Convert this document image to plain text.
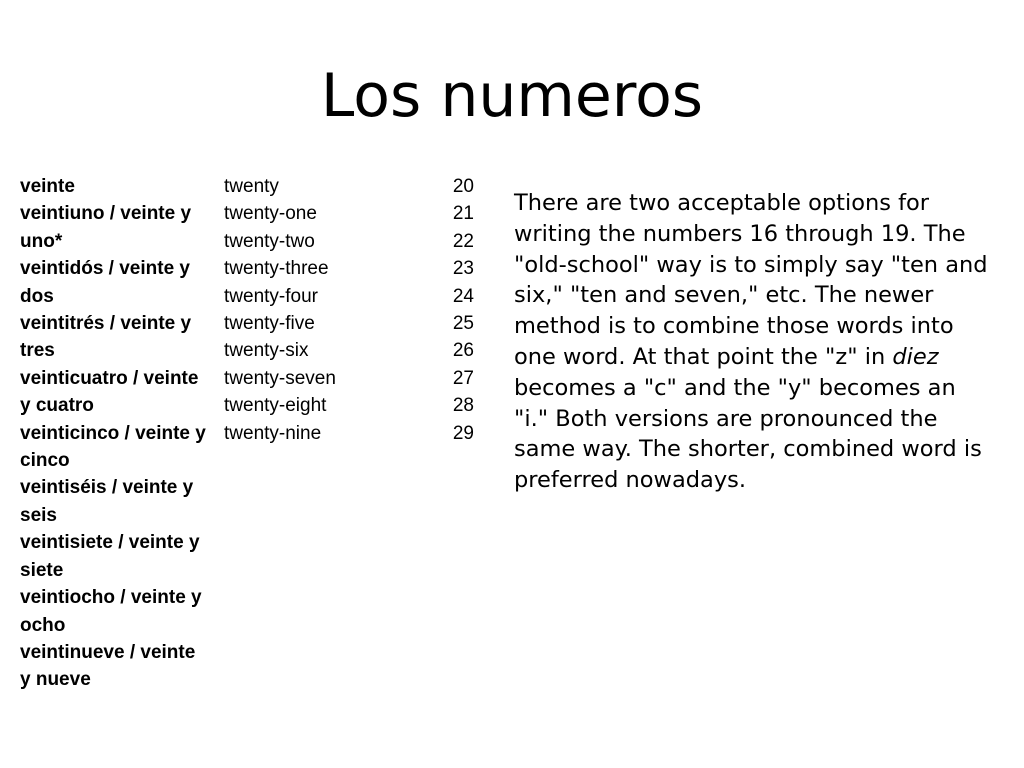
Los numeros
veinte
veintiuno / veinte y
uno*
veintidós / veinte y
dos
veintitrés / veinte y
tres
veinticuatro / veinte
y cuatro
veinticinco / veinte y
cinco
veintiséis / veinte y
seis
veintisiete / veinte y
siete
veintiocho / veinte y
ocho
veintinueve / veinte
y nueve
twenty
twenty-one
twenty-two
twenty-three
twenty-four
twenty-five
twenty-six
twenty-seven
twenty-eight
twenty-nine
20
21
22
23
24
25
26
27
28
29

There are two acceptable options for writing the numbers 16 through 19. The "old-school" way is to simply say "ten and six," "ten and seven," etc. The newer method is to combine those words into one word. At that point the "z" in diez becomes a "c" and the "y" becomes an "i." Both versions are pronounced the same way. The shorter, combined word is preferred nowadays.
